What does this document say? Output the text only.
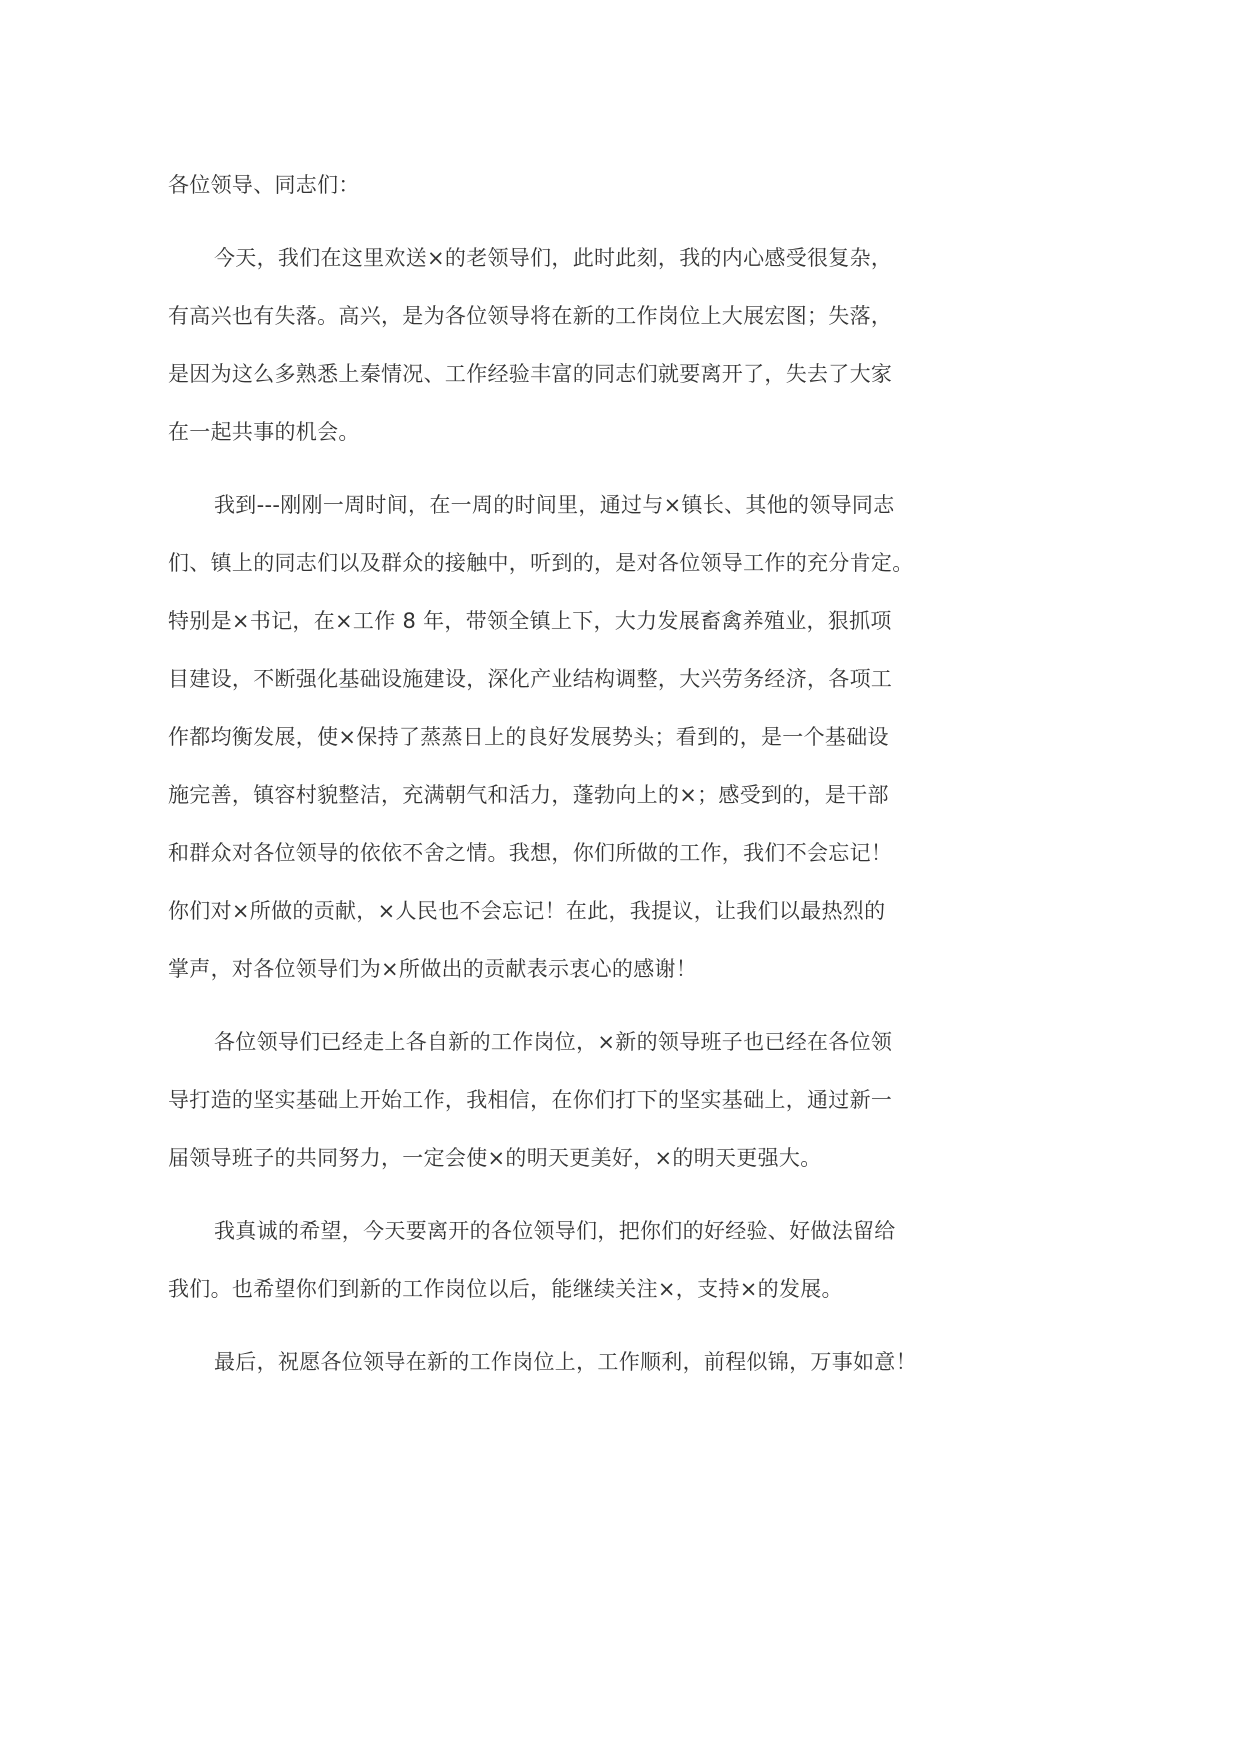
各位领导、同志们：

今天，我们在这里欢送×的老领导们，此时此刻，我的内心感受很复杂，
有高兴也有失落。高兴，是为各位领导将在新的工作岗位上大展宏图；失落，
是因为这么多熟悉上秦情况、工作经验丰富的同志们就要离开了，失去了大家
在一起共事的机会。
我到---刚刚一周时间，在一周的时间里，通过与×镇长、其他的领导同志
们、镇上的同志们以及群众的接触中，听到的，是对各位领导工作的充分肯定。
特别是×书记，在×工作 8 年，带领全镇上下，大力发展畜禽养殖业，狠抓项
目建设，不断强化基础设施建设，深化产业结构调整，大兴劳务经济，各项工
作都均衡发展，使×保持了蒸蒸日上的良好发展势头；看到的，是一个基础设
施完善，镇容村貌整洁，充满朝气和活力，蓬勃向上的×；感受到的，是干部
和群众对各位领导的依依不舍之情。我想，你们所做的工作，我们不会忘记！
你们对×所做的贡献，×人民也不会忘记！在此，我提议，让我们以最热烈的
掌声，对各位领导们为×所做出的贡献表示衷心的感谢！
各位领导们已经走上各自新的工作岗位，×新的领导班子也已经在各位领
导打造的坚实基础上开始工作，我相信，在你们打下的坚实基础上，通过新一
届领导班子的共同努力，一定会使×的明天更美好，×的明天更强大。
我真诚的希望，今天要离开的各位领导们，把你们的好经验、好做法留给
我们。也希望你们到新的工作岗位以后，能继续关注×，支持×的发展。
最后，祝愿各位领导在新的工作岗位上，工作顺利，前程似锦，万事如意！
